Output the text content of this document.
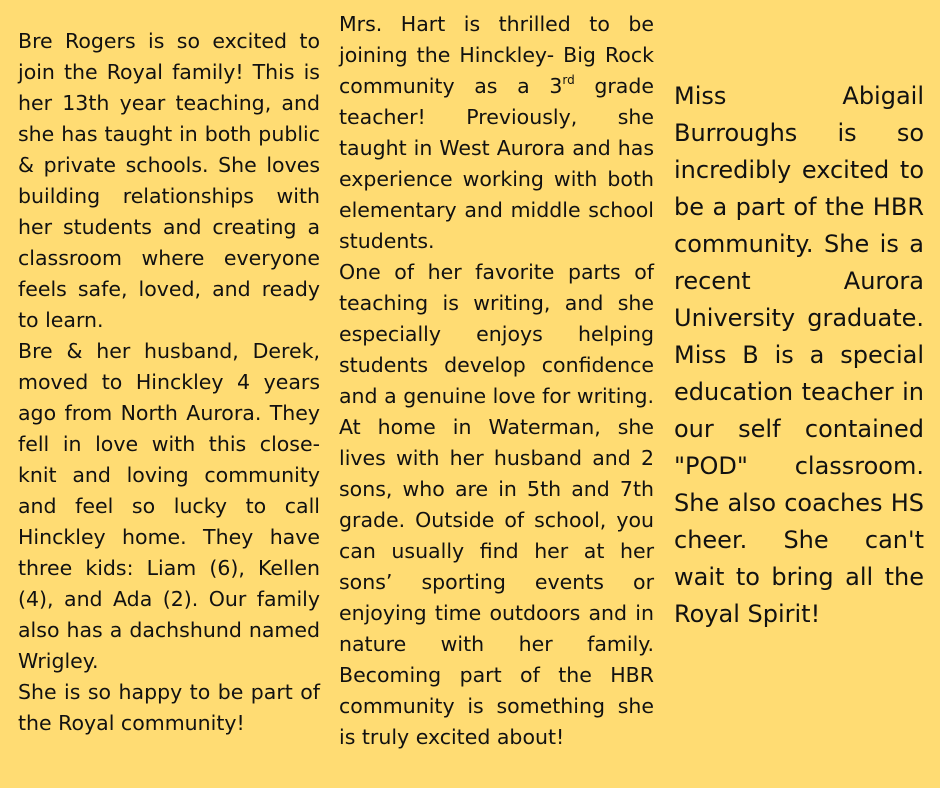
Bre Rogers is so excited to join the Royal family! This is her 13th year teaching, and she has taught in both public & private schools. She loves building relationships with her students and creating a classroom where everyone feels safe, loved, and ready to learn.

Bre & her husband, Derek, moved to Hinckley 4 years ago from North Aurora. They fell in love with this close-knit and loving community and feel so lucky to call Hinckley home. They have three kids: Liam (6), Kellen (4), and Ada (2). Our family also has a dachshund named Wrigley.

She is so happy to be part of the Royal community!

Mrs. Hart is thrilled to be joining the Hinckley- Big Rock community as a 3rd grade teacher! Previously, she taught in West Aurora and has experience working with both elementary and middle school students.

One of her favorite parts of teaching is writing, and she especially enjoys helping students develop confidence and a genuine love for writing. At home in Waterman, she lives with her husband and 2 sons, who are in 5th and 7th grade. Outside of school, you can usually find her at her sons’ sporting events or enjoying time outdoors and in nature with her family. Becoming part of the HBR community is something she is truly excited about!

Miss Abigail Burroughs is so incredibly excited to be a part of the HBR community. She is a recent Aurora University graduate. Miss B is a special education teacher in our self contained "POD" classroom. She also coaches HS cheer. She can't wait to bring all the Royal Spirit!
